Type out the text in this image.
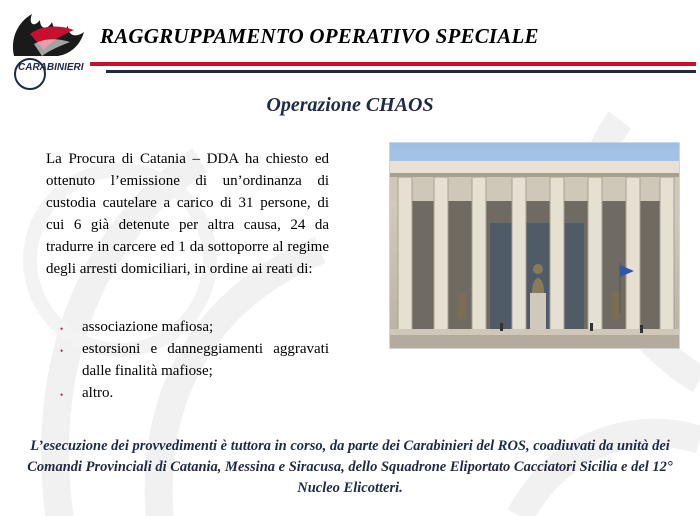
CARABINIERI
RAGGRUPPAMENTO OPERATIVO SPECIALE
Operazione CHAOS
La Procura di Catania – DDA ha chiesto ed ottenuto l’emissione di un’ordinanza di custodia cautelare a carico di 31 persone, di cui 6 già detenute per altra causa, 24 da tradurre in carcere ed 1 da sottoporre al regime degli arresti domiciliari, in ordine ai reati di:
• associazione mafiosa;
• estorsioni e danneggiamenti aggravati dalle finalità mafiose;
• altro.
L’esecuzione dei provvedimenti è tuttora in corso, da parte dei Carabinieri del ROS, coadiuvati da unità dei Comandi Provinciali di Catania, Messina e Siracusa, dello Squadrone Eliportato Cacciatori Sicilia e del 12° Nucleo Elicotteri.
